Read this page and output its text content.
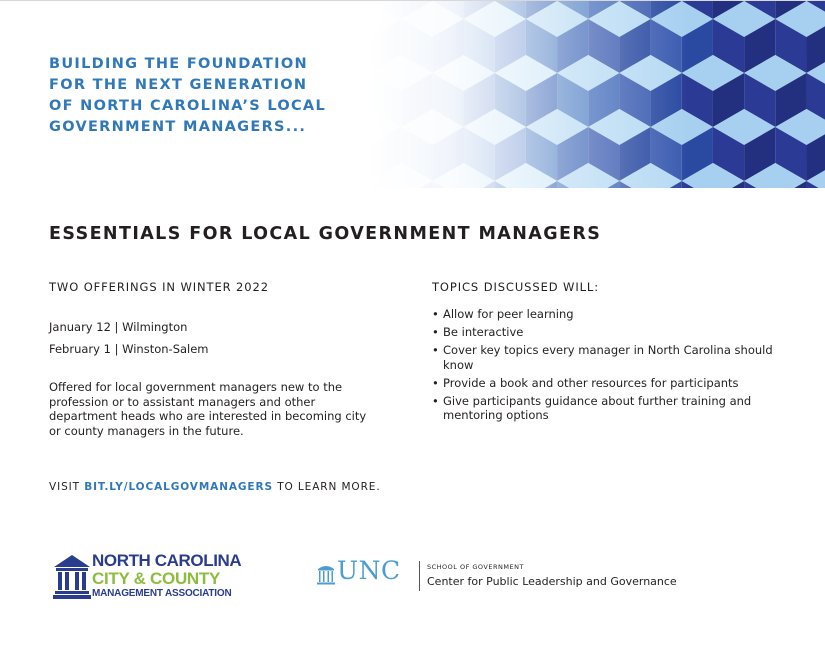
BUILDING THE FOUNDATION
FOR THE NEXT GENERATION
OF NORTH CAROLINA’S LOCAL
GOVERNMENT MANAGERS...
ESSENTIALS FOR LOCAL GOVERNMENT MANAGERS
TWO OFFERINGS IN WINTER 2022
January 12 | Wilmington
February 1 | Winston-Salem
Offered for local government managers new to the profession or to assistant managers and other department heads who are interested in becoming city or county managers in the future.
VISIT BIT.LY/LOCALGOVMANAGERS TO LEARN MORE.
TOPICS DISCUSSED WILL:
• Allow for peer learning
• Be interactive
• Cover key topics every manager in North Carolina should know
• Provide a book and other resources for participants
• Give participants guidance about further training and mentoring options
NORTH CAROLINA
CITY & COUNTY
MANAGEMENT ASSOCIATION
UNC	SCHOOL OF GOVERNMENT
Center for Public Leadership and Governance
